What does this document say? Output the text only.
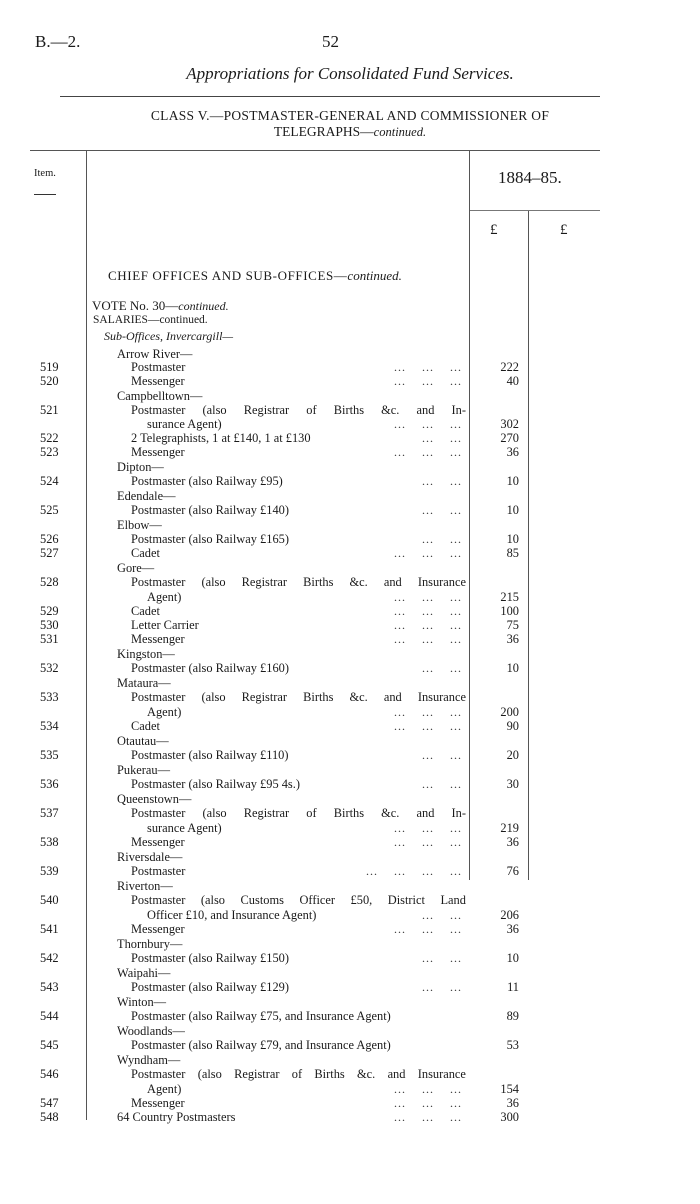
B.—2.	52
Appropriations for Consolidated Fund Services.
CLASS V.—POSTMASTER-GENERAL AND COMMISSIONER OF
TELEGRAPHS—continued.
Item.	1884–85.
£	£
CHIEF OFFICES AND SUB-OFFICES—continued.
VOTE No. 30—continued.
SALARIES—continued.
Sub-Offices, Invercargill—
Arrow River—
519	Postmaster	...    ...    ...	222
520	Messenger	...    ...    ...	40
Campbelltown—
521	Postmaster (also Registrar of Births &c. and In-
surance Agent)	...    ...    ...	302
522	2 Telegraphists, 1 at £140, 1 at £130	...    ...	270
523	Messenger	...    ...    ...	36
Dipton—
524	Postmaster (also Railway £95)	...    ...	10
Edendale—
525	Postmaster (also Railway £140)	...    ...	10
Elbow—
526	Postmaster (also Railway £165)	...    ...	10
527	Cadet	...    ...    ...	85
Gore—
528	Postmaster (also Registrar Births &c. and Insurance
Agent)	...    ...    ...	215
529	Cadet	...    ...    ...	100
530	Letter Carrier	...    ...    ...	75
531	Messenger	...    ...    ...	36
Kingston—
532	Postmaster (also Railway £160)	...    ...	10
Mataura—
533	Postmaster (also Registrar Births &c. and Insurance
Agent)	...    ...    ...	200
534	Cadet	...    ...    ...	90
Otautau—
535	Postmaster (also Railway £110)	...    ...	20
Pukerau—
536	Postmaster (also Railway £95 4s.)	...    ...	30
Queenstown—
537	Postmaster (also Registrar of Births &c. and In-
surance Agent)	...    ...    ...	219
538	Messenger	...    ...    ...	36
Riversdale—
539	Postmaster	...    ...    ...    ...	76
Riverton—
540	Postmaster (also Customs Officer £50, District Land
Officer £10, and Insurance Agent)	...    ...	206
541	Messenger	...    ...    ...	36
Thornbury—
542	Postmaster (also Railway £150)	...    ...	10
Waipahi—
543	Postmaster (also Railway £129)	...    ...	11
Winton—
544	Postmaster (also Railway £75, and Insurance Agent)	89
Woodlands—
545	Postmaster (also Railway £79, and Insurance Agent)	53
Wyndham—
546	Postmaster (also Registrar of Births &c. and Insurance
Agent)	...    ...    ...	154
547	Messenger	...    ...    ...	36
548	64 Country Postmasters	...    ...    ...	300
